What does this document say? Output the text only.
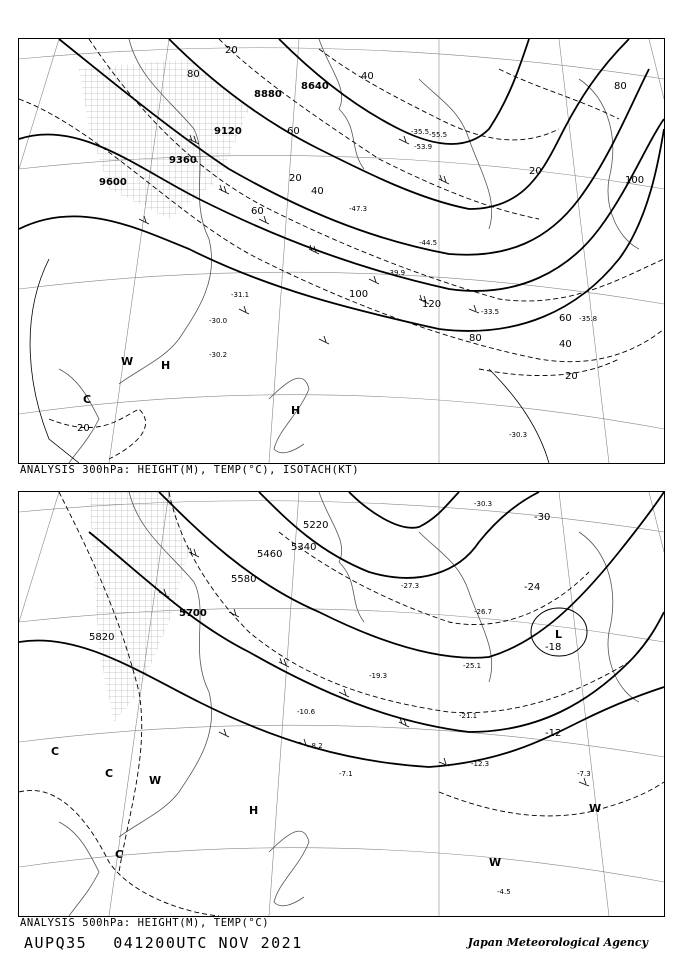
9600
9360
9120
8880
8640
20
40
60
80
100
120
20
40
60
80
100
20
40
60
80
20
20
-30.2
-30.3
-35.5
-53.9
-55.5
-47.3
-44.5
-31.1
-30.0
-39.9
-33.5
-35.8
H
H
W
C
ANALYSIS 300hPa: HEIGHT(M), TEMP(°C), ISOTACH(KT)
5820
5700
5580
5460
5340
5220
-18
-12
-24
-30
-30.3
-27.3
-26.7
-21.1
-25.1
-19.3
-10.6
-8.2
-7.1	-7.3
-4.5
-12.3
L
H
W
W
W
C
C
C
ANALYSIS 500hPa: HEIGHT(M), TEMP(°C)
AUPQ35 041200UTC NOV 2021	Japan Meteorological Agency
